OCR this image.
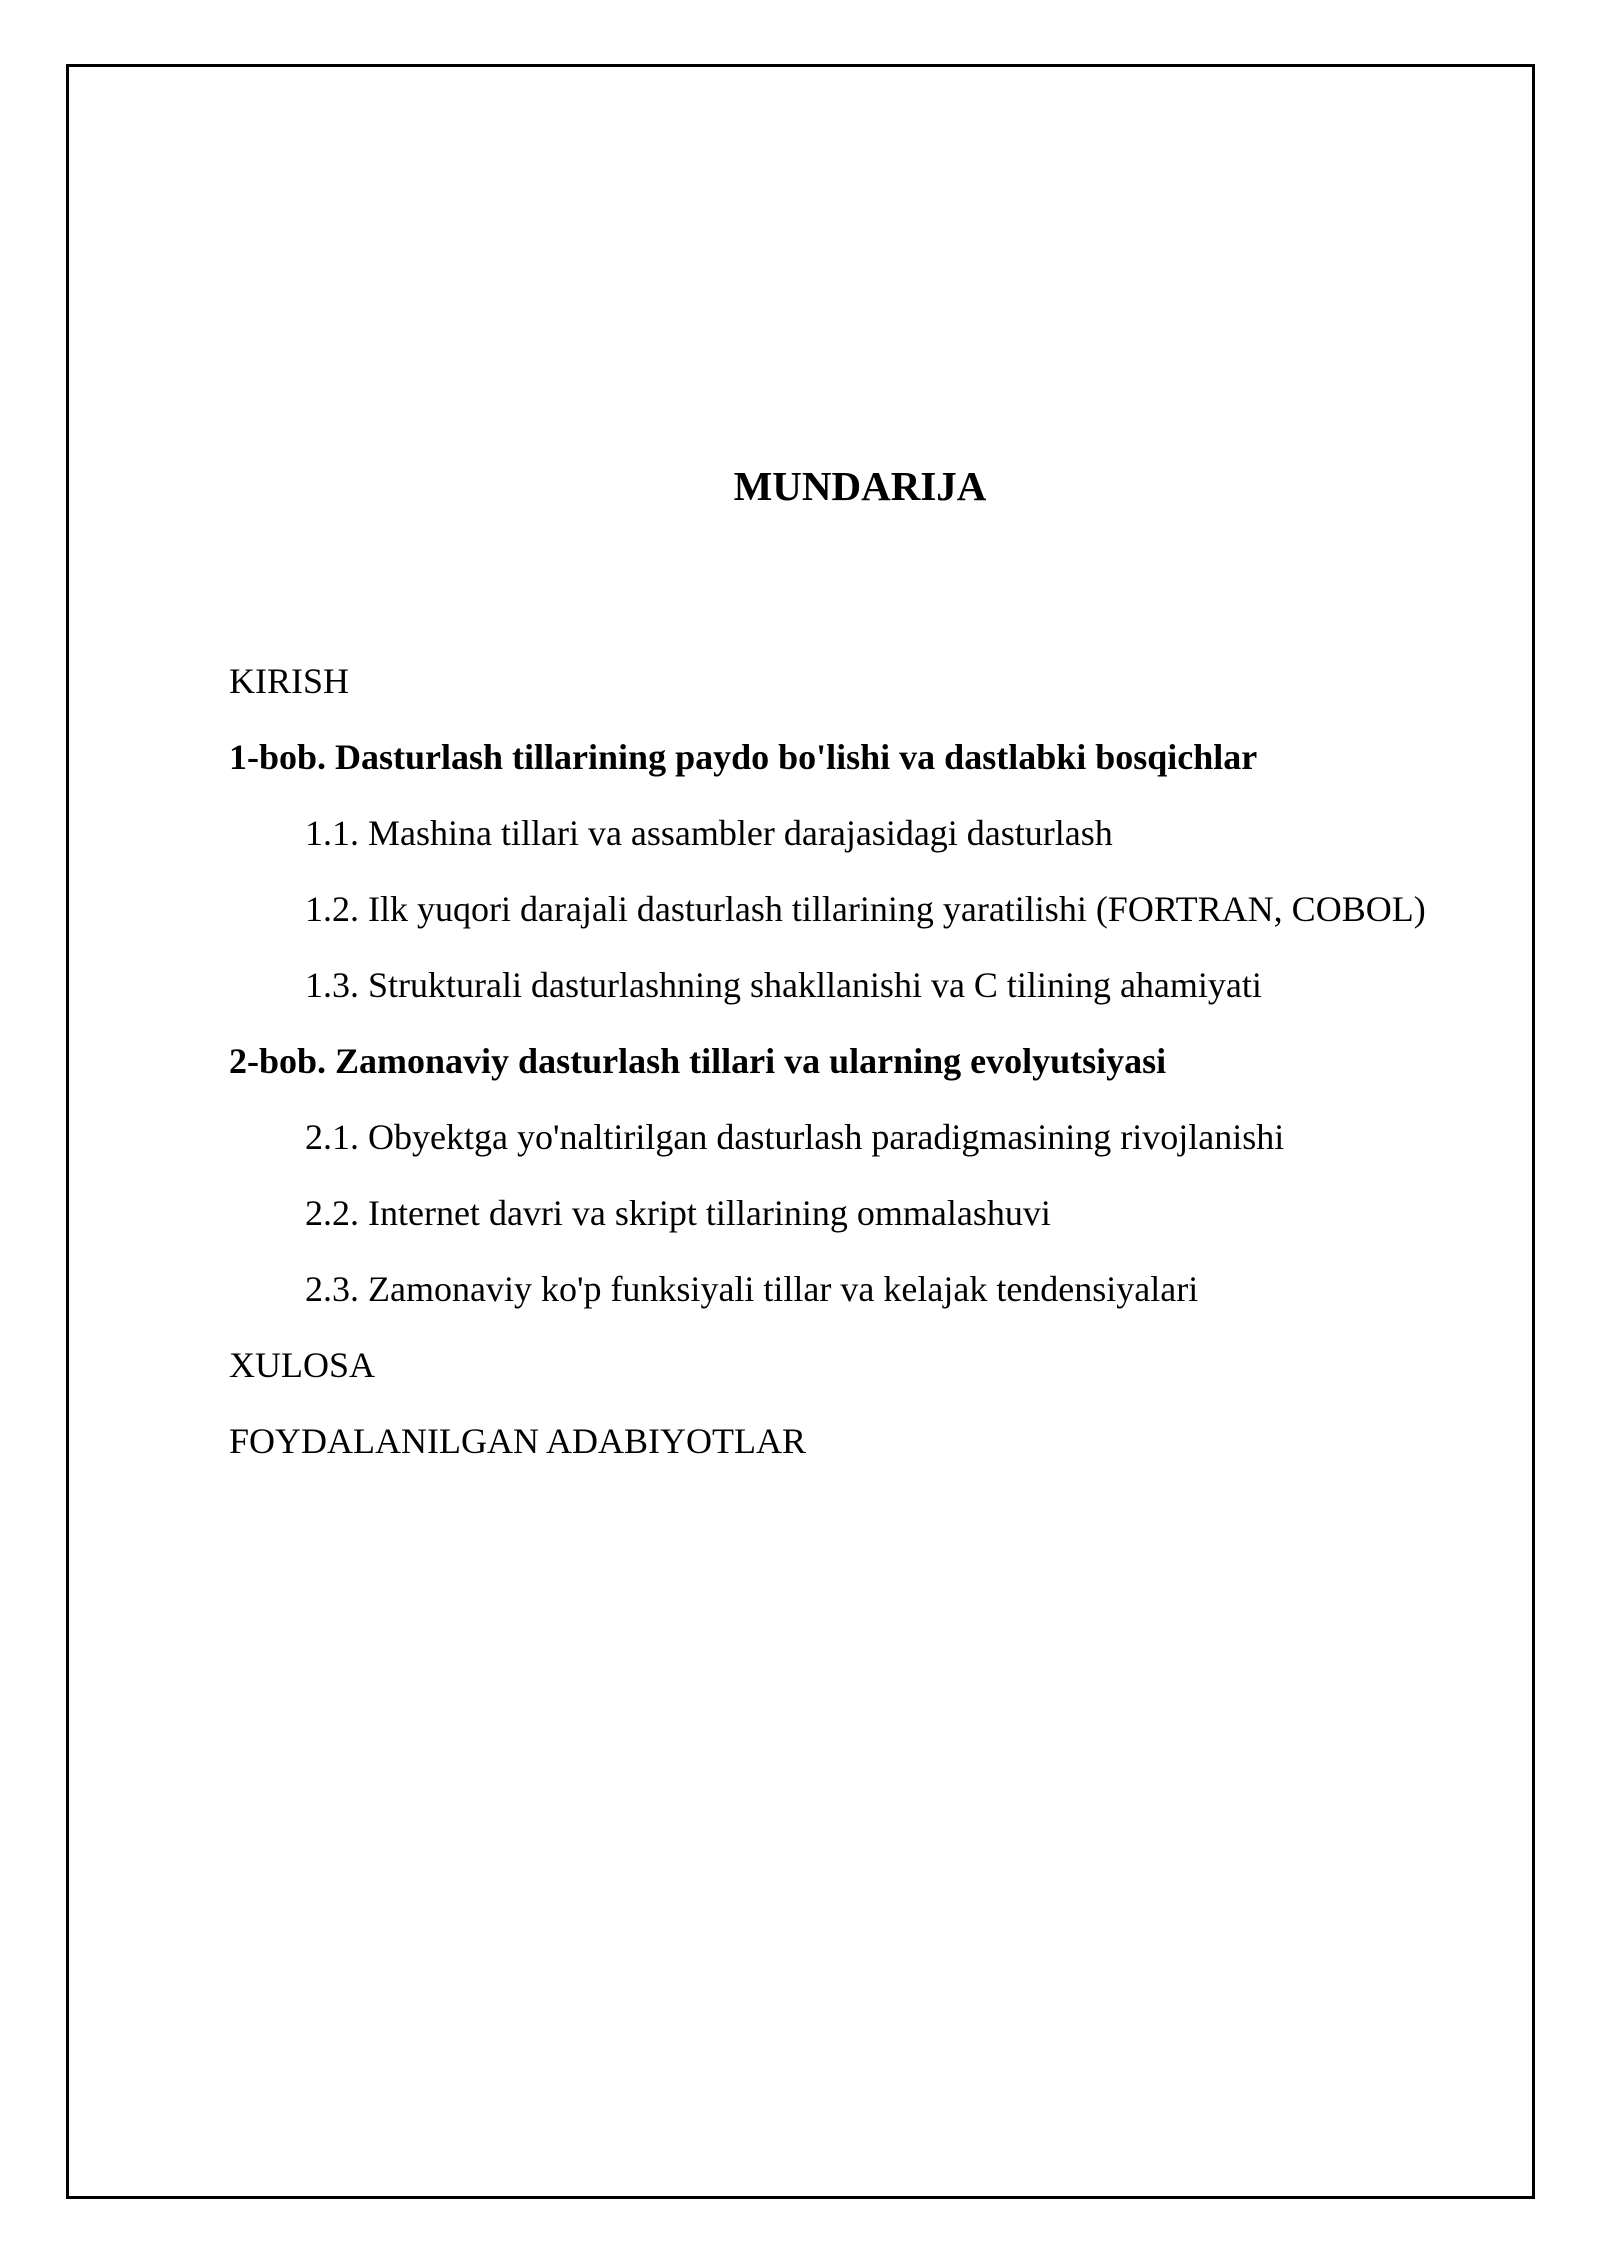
MUNDARIJA
KIRISH
1-bob. Dasturlash tillarining paydo bo'lishi va dastlabki bosqichlar
1.1. Mashina tillari va assambler darajasidagi dasturlash
1.2. Ilk yuqori darajali dasturlash tillarining yaratilishi (FORTRAN, COBOL)
1.3. Strukturali dasturlashning shakllanishi va C tilining ahamiyati
2-bob. Zamonaviy dasturlash tillari va ularning evolyutsiyasi
2.1. Obyektga yo'naltirilgan dasturlash paradigmasining rivojlanishi
2.2. Internet davri va skript tillarining ommalashuvi
2.3. Zamonaviy ko'p funksiyali tillar va kelajak tendensiyalari
XULOSA
FOYDALANILGAN ADABIYOTLAR
